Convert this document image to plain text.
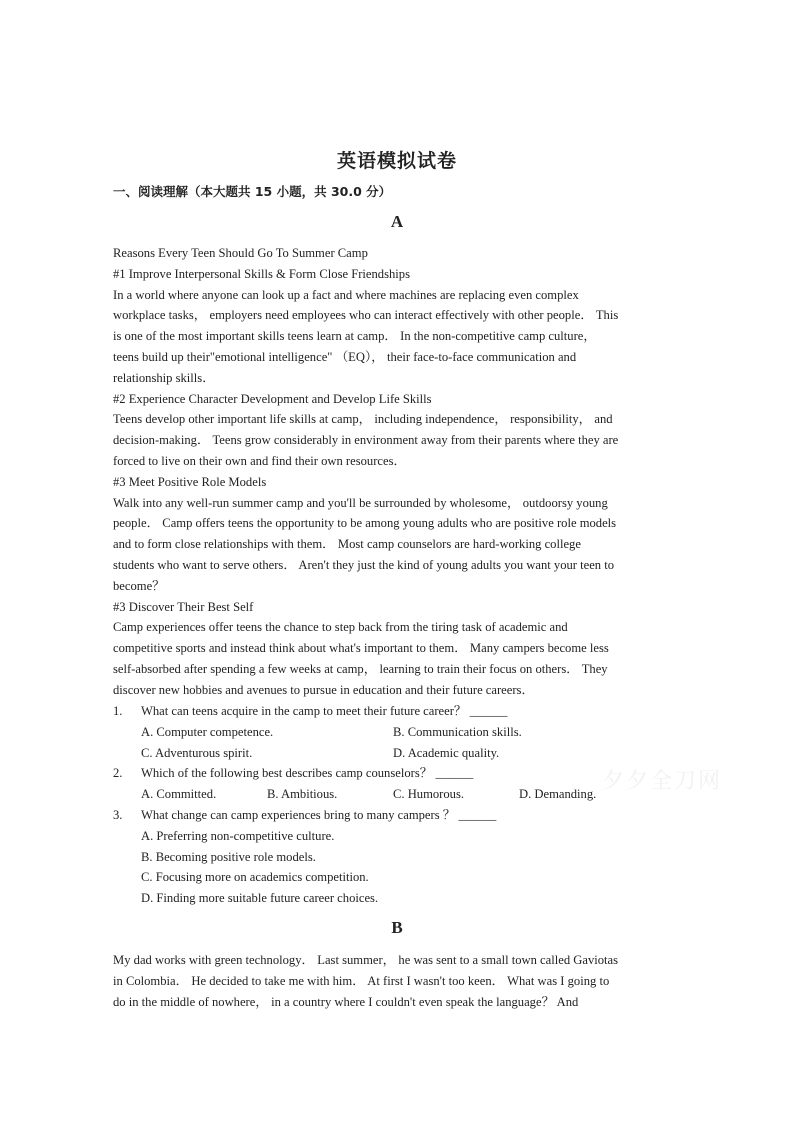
英语模拟试卷
一、阅读理解（本大题共 15 小题，共 30.0 分）
A
Reasons Every Teen Should Go To Summer Camp
#1 Improve Interpersonal Skills & Form Close Friendships
In a world where anyone can look up a fact and where machines are replacing even complex
workplace tasks， employers need employees who can interact effectively with other people． This
is one of the most important skills teens learn at camp． In the non-competitive camp culture，
teens build up their"emotional intelligence" （EQ）， their face-to-face communication and
relationship skills．
#2 Experience Character Development and Develop Life Skills
Teens develop other important life skills at camp， including independence， responsibility， and
decision-making． Teens grow considerably in environment away from their parents where they are
forced to live on their own and find their own resources．
#3 Meet Positive Role Models
Walk into any well-run summer camp and you'll be surrounded by wholesome， outdoorsy young
people． Camp offers teens the opportunity to be among young adults who are positive role models
and to form close relationships with them． Most camp counselors are hard-working college
students who want to serve others． Aren't they just the kind of young adults you want your teen to
become？
#3 Discover Their Best Self
Camp experiences offer teens the chance to step back from the tiring task of academic and
competitive sports and instead think about what's important to them． Many campers become less
self-absorbed after spending a few weeks at camp， learning to train their focus on others． They
discover new hobbies and avenues to pursue in education and their future careers．
1. What can teens acquire in the camp to meet their future career？ ______
A. Computer competence.	B. Communication skills.
C. Adventurous spirit.	D. Academic quality.
2. Which of the following best describes camp counselors？ ______
A. Committed.	B. Ambitious.	C. Humorous.	D. Demanding.
3. What change can camp experiences bring to many campers ？ ______
A. Preferring non-competitive culture.
B. Becoming positive role models.
C. Focusing more on academics competition.
D. Finding more suitable future career choices.
B
My dad works with green technology． Last summer， he was sent to a small town called Gaviotas
in Colombia． He decided to take me with him． At first I wasn't too keen． What was I going to
do in the middle of nowhere， in a country where I couldn't even speak the language？ And
夕夕全刀网
